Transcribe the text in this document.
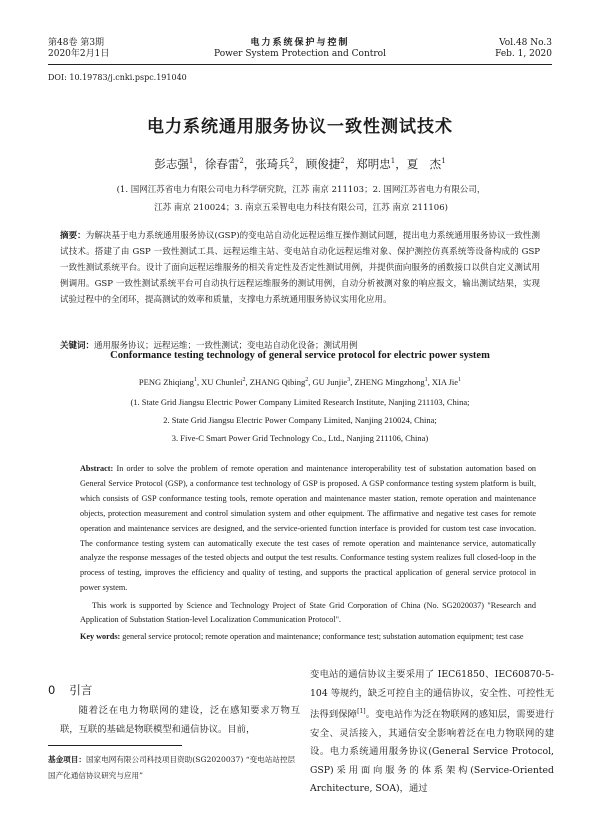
第48卷 第3期
2020年2月1日
电力系统保护与控制
Power System Protection and Control
Vol.48 No.3
Feb. 1, 2020
DOI: 10.19783/j.cnki.pspc.191040
电力系统通用服务协议一致性测试技术
彭志强$^1$，徐春雷$^2$，张琦兵$^2$，顾俊捷$^2$，郑明忠$^1$，夏　杰$^1$
(1. 国网江苏省电力有限公司电力科学研究院，江苏 南京 211103；2. 国网江苏省电力有限公司，
江苏 南京 210024；3. 南京五采智电电力科技有限公司，江苏 南京 211106)
摘要：为解决基于电力系统通用服务协议(GSP)的变电站自动化远程运维互操作测试问题，提出电力系统通用服务协议一致性测试技术。搭建了由 GSP 一致性测试工具、远程运维主站、变电站自动化远程运维对象、保护测控仿真系统等设备构成的 GSP 一致性测试系统平台。设计了面向远程运维服务的相关肯定性及否定性测试用例，并提供面向服务的函数接口以供自定义测试用例调用。GSP 一致性测试系统平台可自动执行远程运维服务的测试用例，自动分析被测对象的响应报文，输出测试结果，实现试验过程中的全闭环，提高测试的效率和质量，支撑电力系统通用服务协议实用化应用。
关键词：通用服务协议；远程运维；一致性测试；变电站自动化设备；测试用例
Conformance testing technology of general service protocol for electric power system
PENG Zhiqiang$^1$, XU Chunlei$^2$, ZHANG Qibing$^2$, GU Junjie$^3$, ZHENG Mingzhong$^1$, XIA Jie$^1$
(1. State Grid Jiangsu Electric Power Company Limited Research Institute, Nanjing 211103, China;
2. State Grid Jiangsu Electric Power Company Limited, Nanjing 210024, China;
3. Five-C Smart Power Grid Technology Co., Ltd., Nanjing 211106, China)
Abstract: In order to solve the problem of remote operation and maintenance interoperability test of substation automation based on General Service Protocol (GSP), a conformance test technology of GSP is proposed. A GSP conformance testing system platform is built, which consists of GSP conformance testing tools, remote operation and maintenance master station, remote operation and maintenance objects, protection measurement and control simulation system and other equipment. The affirmative and negative test cases for remote operation and maintenance services are designed, and the service-oriented function interface is provided for custom test case invocation. The conformance testing system can automatically execute the test cases of remote operation and maintenance service, automatically analyze the response messages of the tested objects and output the test results. Conformance testing system realizes full closed-loop in the process of testing, improves the efficiency and quality of testing, and supports the practical application of general service protocol in power system.
This work is supported by Science and Technology Project of State Grid Corporation of China (No. SG2020037) "Research and Application of Substation Station-level Localization Communication Protocol".
Key words: general service protocol; remote operation and maintenance; conformance test; substation automation equipment; test case
0 引言
随着泛在电力物联网的建设，泛在感知要求万物互联，互联的基础是物联模型和通信协议。目前，
变电站的通信协议主要采用了 IEC61850、IEC60870-5-104 等规约，缺乏可控自主的通信协议，安全性、可控性无法得到保障[1]。变电站作为泛在物联网的感知层，需要进行安全、灵活接入，其通信安全影响着泛在电力物联网的建设。电力系统通用服务协议(General Service Protocol, GSP)采用面向服务的体系架构(Service-Oriented Architecture, SOA)，通过
基金项目：国家电网有限公司科技项目资助(SG2020037) “变电站站控层国产化通信协议研究与应用”
